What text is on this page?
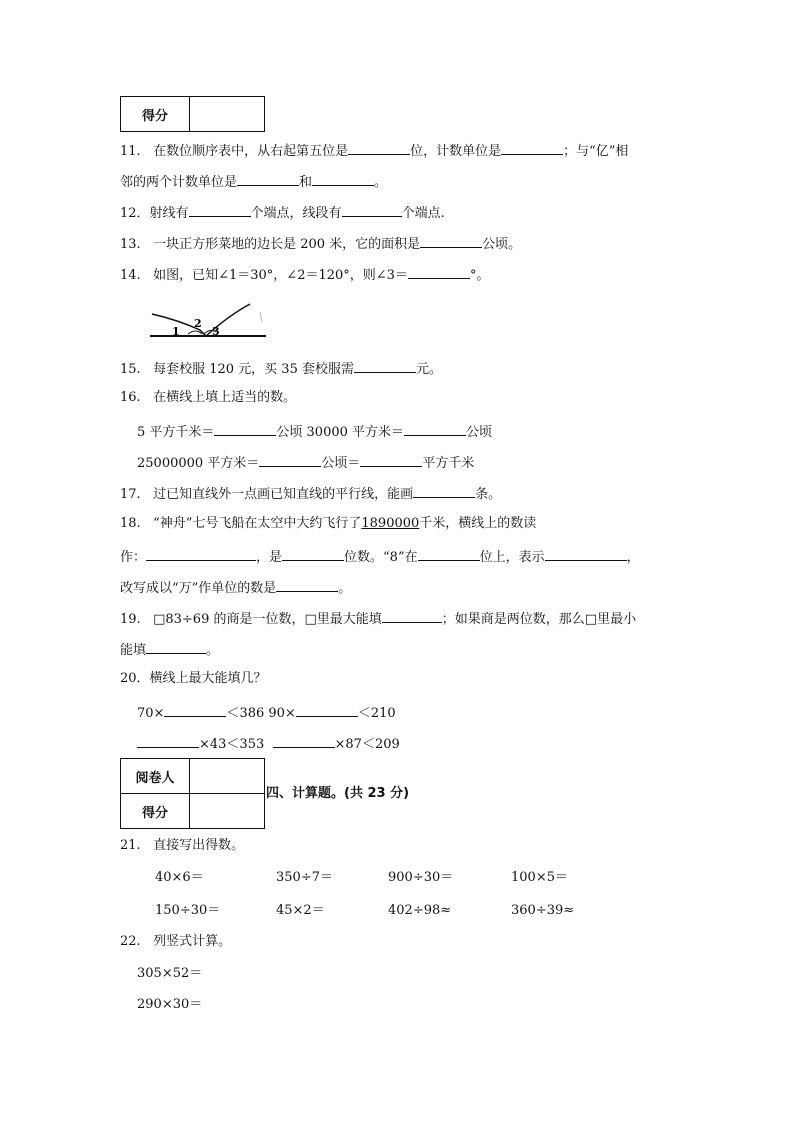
得分	
11. 在数位顺序表中，从右起第五位是	位，计数单位是	；与“亿”相
邻的两个计数单位是	和	。
12．射线有	个端点，线段有	个端点.
13. 一块正方形菜地的边长是 200 米，它的面积是	公顷。
14. 如图，已知∠1＝30°，∠2＝120°，则∠3＝	°。
1
2
3
15. 每套校服 120 元，买 35 套校服需	元。
16. 在横线上填上适当的数。
5 平方千米＝	公顷 30000 平方米＝	公顷
25000000 平方米＝	公顷＝	平方千米
17. 过已知直线外一点画已知直线的平行线，能画	条。
18. “神舟”七号飞船在太空中大约飞行了1890000千米，横线上的数读
作：	，是	位数。“8”在	位上，表示	，
改写成以“万”作单位的数是	。
19. □83÷69 的商是一位数，□里最大能填	；如果商是两位数，那么□里最小
能填	。
20．横线上最大能填几？
70×	＜386 90×	＜210
×43＜353	×87＜209
阅卷人	
得分	
四、计算题。(共 23 分)
21. 直接写出得数。
40×6＝	350÷7＝	900÷30＝	100×5＝
150÷30＝	45×2＝	402÷98≈	360÷39≈
22. 列竖式计算。
305×52＝
290×30＝
